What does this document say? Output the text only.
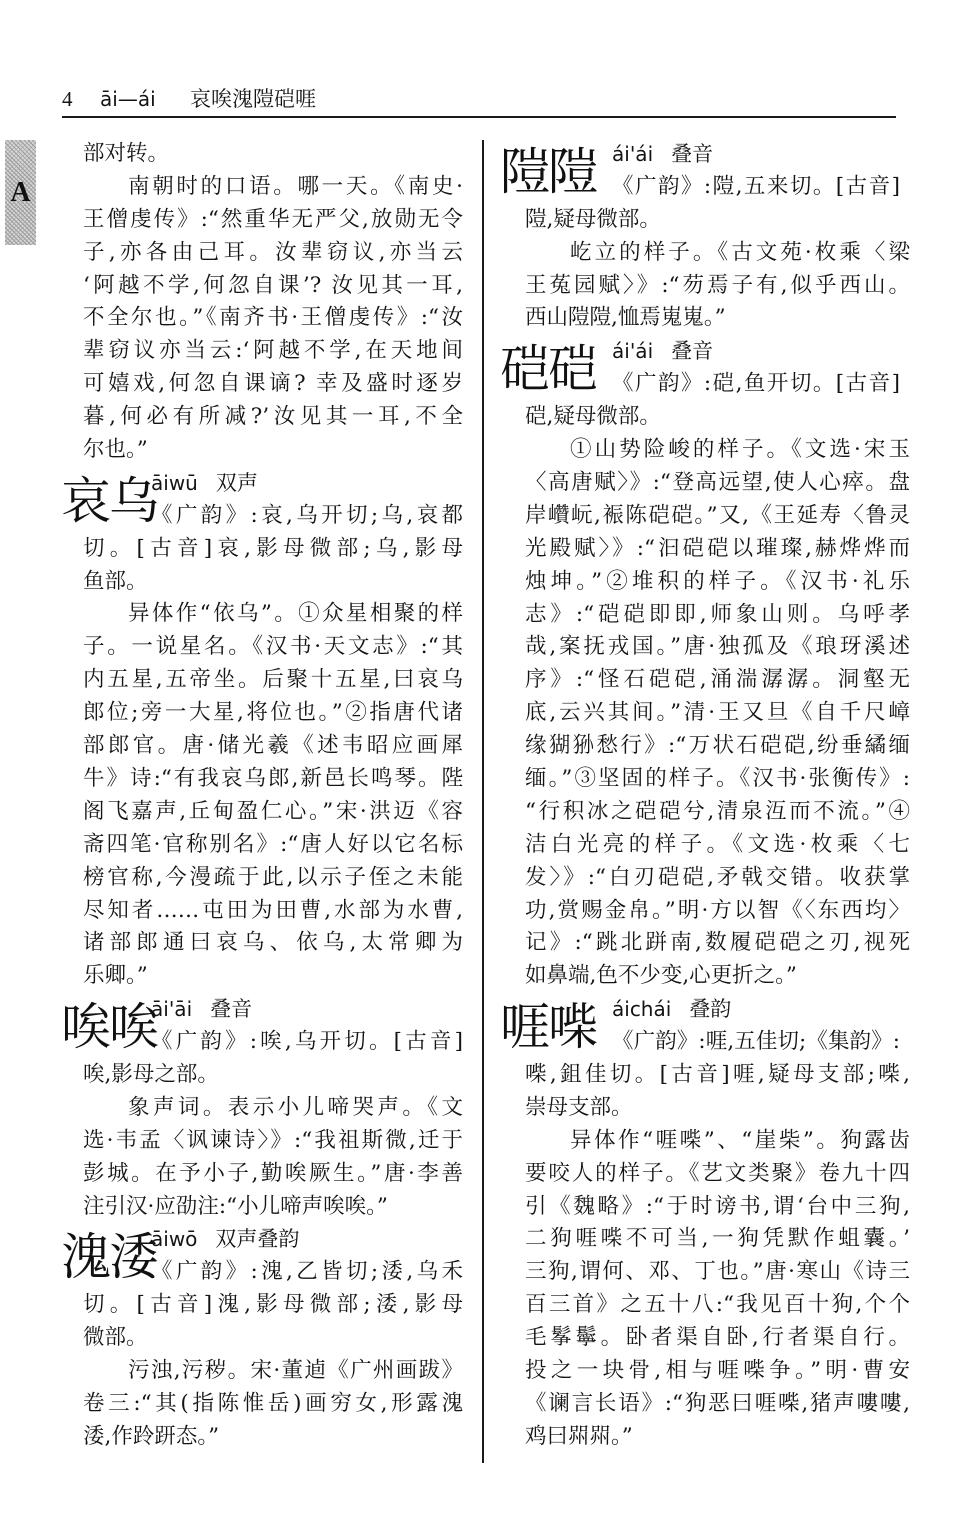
4 āi—ái 哀唉溾隑硙啀
A
部对转。
南朝时的口语。哪一天。《南史·
王僧虔传》:“然重华无严父,放勋无令
子,亦各由己耳。汝辈窃议,亦当云
‘阿越不学,何忽自课’? 汝见其一耳,
不全尔也。”《南齐书·王僧虔传》:“汝
辈窃议亦当云:‘阿越不学,在天地间
可嬉戏,何忽自课谪? 幸及盛时逐岁
暮,何必有所减?’汝见其一耳,不全
尔也。”
哀乌
āiwū 双声
《广韵》:哀,乌开切;乌,哀都
切。[古音]哀,影母微部;乌,影母
鱼部。
异体作“依乌”。①众星相聚的样
子。一说星名。《汉书·天文志》:“其
内五星,五帝坐。后聚十五星,曰哀乌
郎位;旁一大星,将位也。”②指唐代诸
部郎官。唐·储光羲《述韦昭应画犀
牛》诗:“有我哀乌郎,新邑长鸣琴。陛
阁飞嘉声,丘甸盈仁心。”宋·洪迈《容
斋四笔·官称别名》:“唐人好以它名标
榜官称,今漫疏于此,以示子侄之未能
尽知者……屯田为田曹,水部为水曹,
诸部郎通曰哀乌、依乌,太常卿为
乐卿。”
唉唉
āi'āi 叠音
《广韵》:唉,乌开切。[古音]
唉,影母之部。
象声词。表示小儿啼哭声。《文
选·韦孟〈讽谏诗〉》:“我祖斯微,迁于
彭城。在予小子,勤唉厥生。”唐·李善
注引汉·应劭注:“小儿啼声唉唉。”
溾涹
āiwō 双声叠韵
《广韵》:溾,乙皆切;涹,乌禾
切。[古音]溾,影母微部;涹,影母
微部。
污浊,污秽。宋·董逌《广州画跋》
卷三:“其(指陈惟岳)画穷女,形露溾
涹,作跉趼态。”
隑隑 ái'ái 叠音
《广韵》:隑,五来切。[古音]
隑,疑母微部。
屹立的样子。《古文苑·枚乘〈梁
王菟园赋〉》:“芴焉子有,似乎西山。
西山隑隑,恤焉嵬嵬。”
硙硙 ái'ái 叠音
《广韵》:硙,鱼开切。[古音]
硙,疑母微部。
①山势险峻的样子。《文选·宋玉
〈高唐赋〉》:“登高远望,使人心瘁。盘
岸巑岏,裖陈硙硙。”又,《王延寿〈鲁灵
光殿赋〉》:“汩硙硙以璀璨,赫烨烨而
烛坤。”②堆积的样子。《汉书·礼乐
志》:“硙硙即即,师象山则。乌呼孝
哉,案抚戎国。”唐·独孤及《琅玡溪述
序》:“怪石硙硙,涌湍潺潺。洞壑无
底,云兴其间。”清·王又旦《自千尺嶂
缘猢狲愁行》:“万状石硙硙,纷垂繘缅
缅。”③坚固的样子。《汉书·张衡传》:
“行积冰之硙硙兮,清泉沍而不流。”④
洁白光亮的样子。《文选·枚乘〈七
发〉》:“白刃硙硙,矛戟交错。收获掌
功,赏赐金帛。”明·方以智《〈东西均〉
记》:“跳北跰南,数履硙硙之刃,视死
如鼻端,色不少变,心更折之。”
啀喍 áichái 叠韵
《广韵》:啀,五佳切;《集韵》:
喍,鉏佳切。[古音]啀,疑母支部;喍,
崇母支部。
异体作“啀喍”、“崖柴”。狗露齿
要咬人的样子。《艺文类聚》卷九十四
引《魏略》:“于时谤书,谓‘台中三狗,
二狗啀喍不可当,一狗凭默作蛆囊。’
三狗,谓何、邓、丁也。”唐·寒山《诗三
百三首》之五十八:“我见百十狗,个个
毛鬇鬡。卧者渠自卧,行者渠自行。
投之一块骨,相与啀喍争。”明·曹安
《谰言长语》:“狗恶曰啀喍,猪声嘍嘍,
鸡曰喌喌。”
